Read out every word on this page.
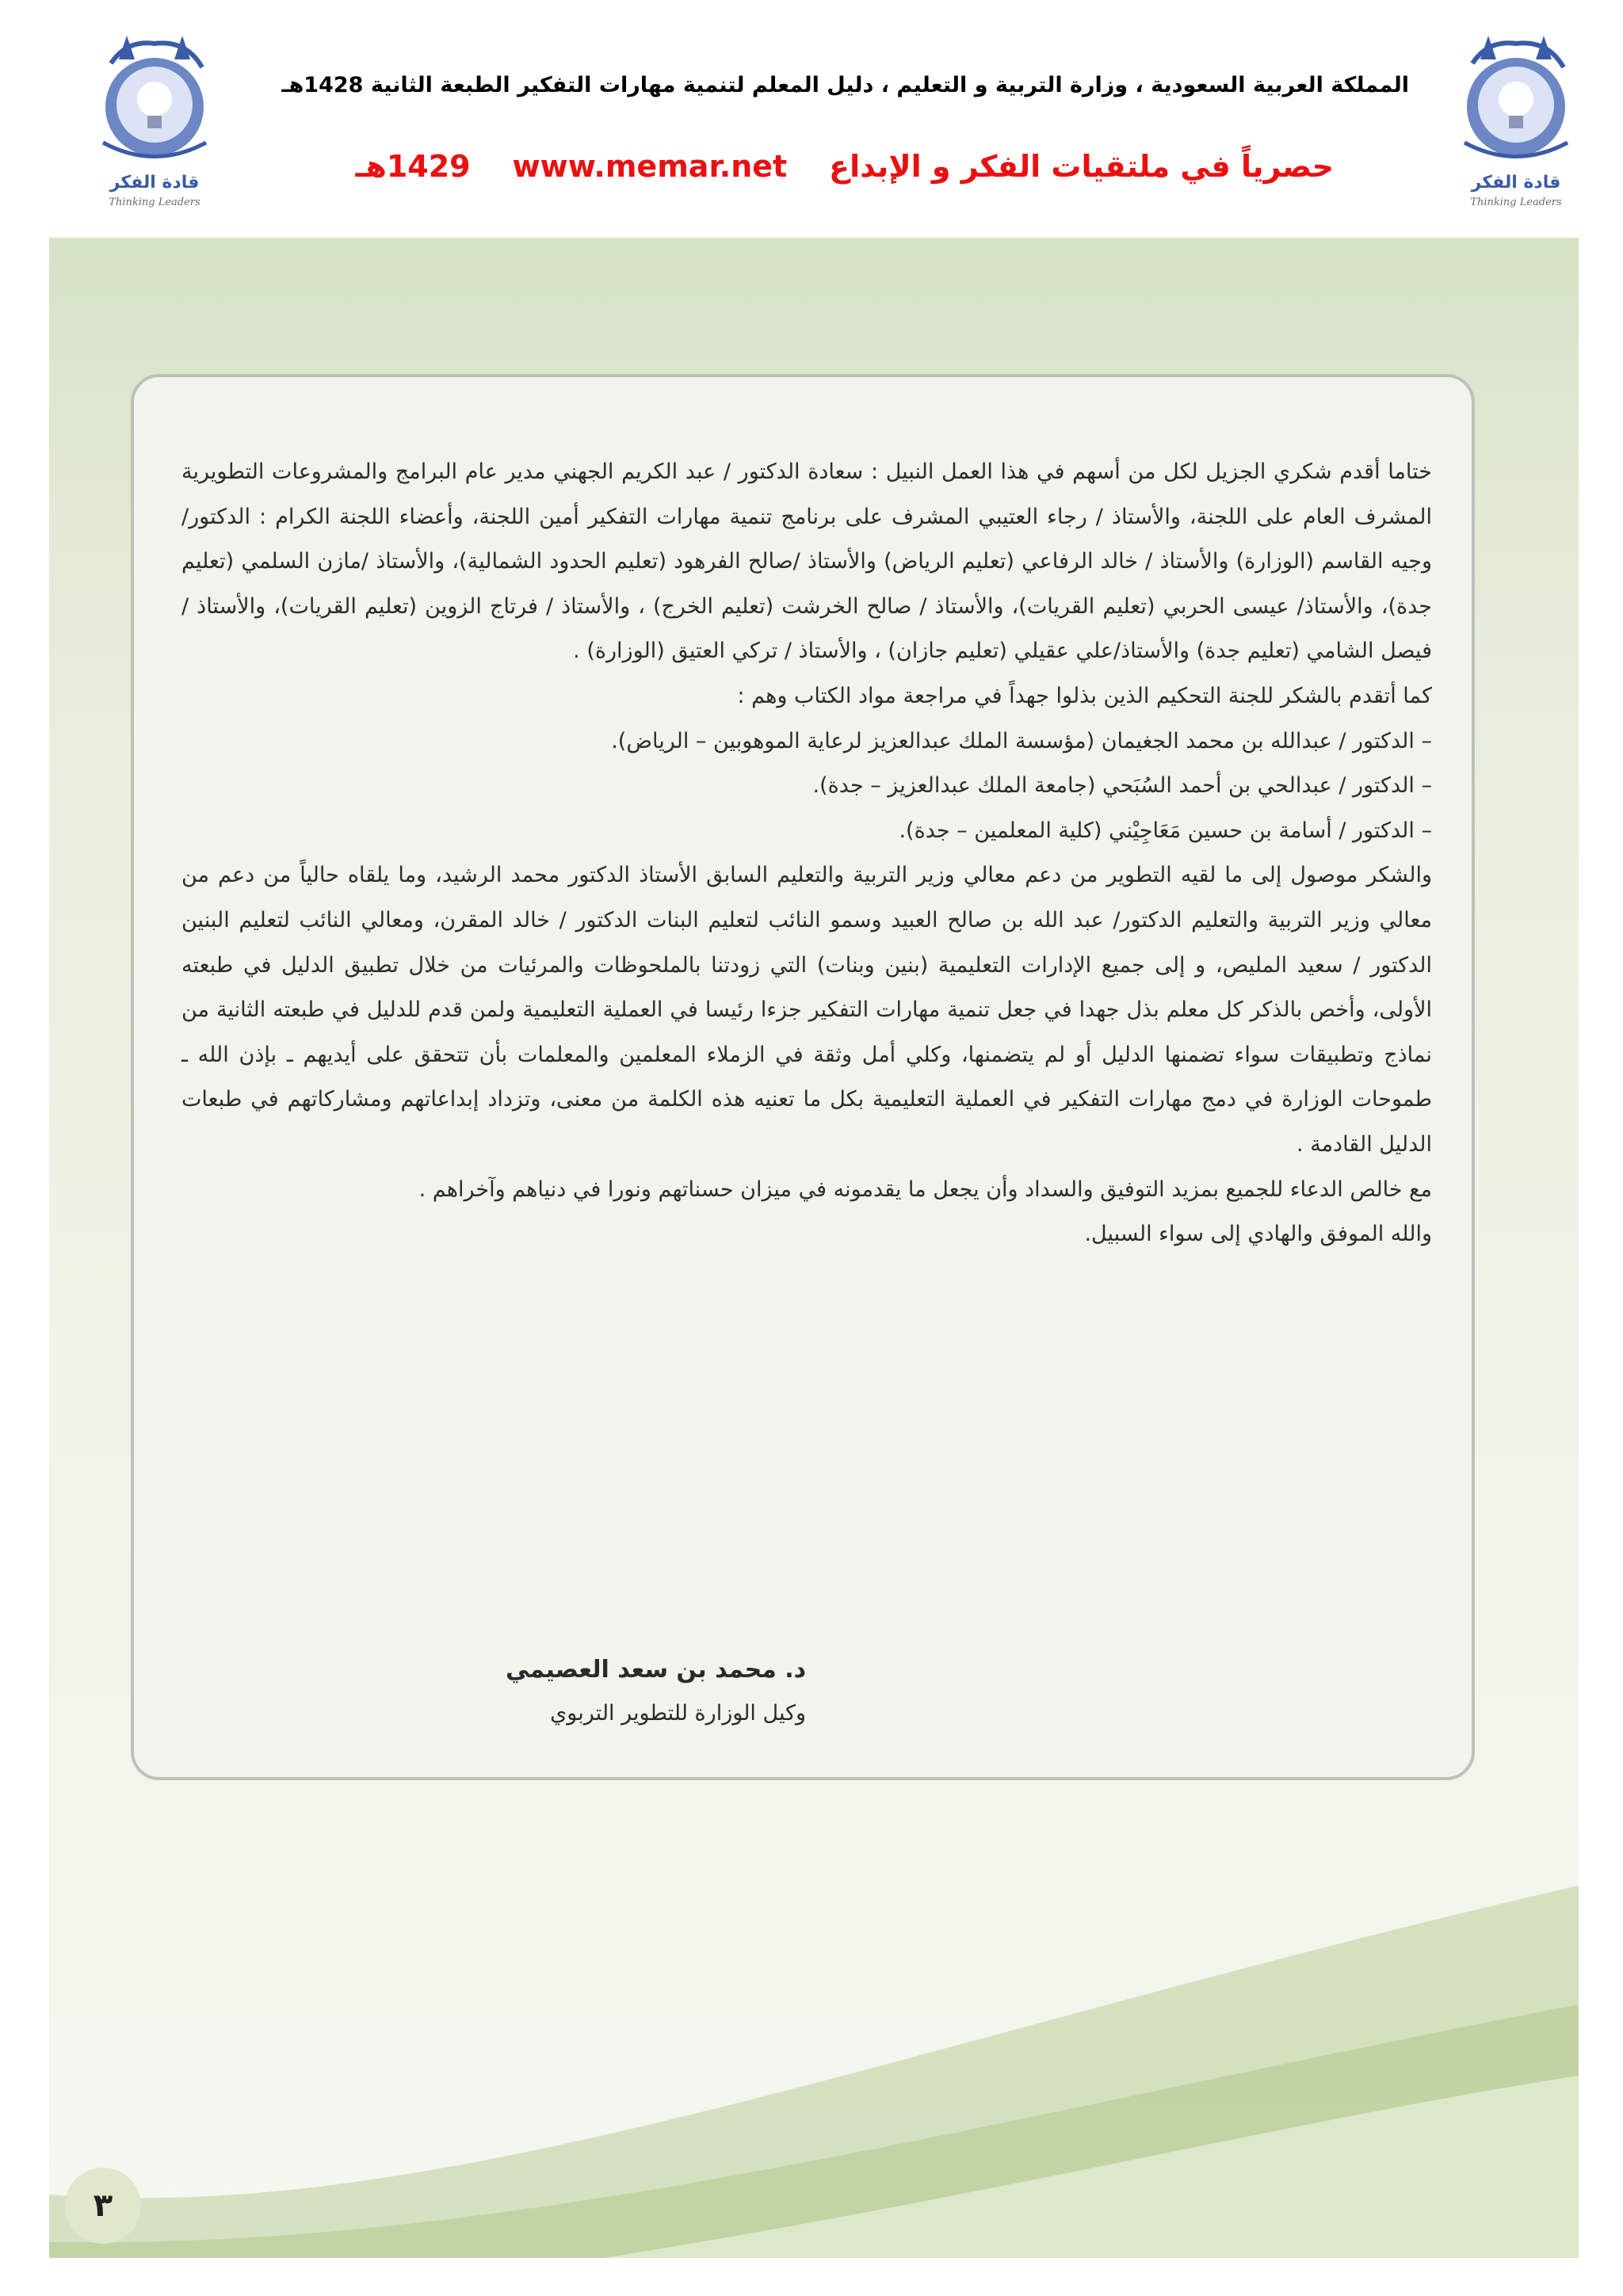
قادة الفكر
Thinking Leaders
قادة الفكر
Thinking Leaders
المملكة العربية السعودية ، وزارة التربية و التعليم ، دليل المعلم لتنمية مهارات التفكير الطبعة الثانية 1428هـ
حصرياً في ملتقيات الفكر و الإبداع    www.memar.net    1429هـ

ختاما أقدم شكري الجزيل لكل من أسهم في هذا العمل النبيل : سعادة الدكتور / عبد الكريم الجهني مدير عام البرامج والمشروعات التطويرية المشرف العام على اللجنة، والأستاذ / رجاء العتيبي المشرف على برنامج تنمية مهارات التفكير أمين اللجنة، وأعضاء اللجنة الكرام : الدكتور/ وجيه القاسم (الوزارة) والأستاذ / خالد الرفاعي (تعليم الرياض) والأستاذ /صالح الفرهود (تعليم الحدود الشمالية)، والأستاذ /مازن السلمي (تعليم جدة)، والأستاذ/ عيسى الحربي (تعليم القريات)، والأستاذ / صالح الخرشت (تعليم الخرج) ، والأستاذ / فرتاج الزوين (تعليم القريات)، والأستاذ / فيصل الشامي (تعليم جدة) والأستاذ/علي عقيلي (تعليم جازان) ، والأستاذ / تركي العتيق (الوزارة) .

كما أتقدم بالشكر للجنة التحكيم الذين بذلوا جهداً في مراجعة مواد الكتاب وهم :

– الدكتور / عبدالله بن محمد الجغيمان (مؤسسة الملك عبدالعزيز لرعاية الموهوبين – الرياض).

– الدكتور / عبدالحي بن أحمد السُبَحي (جامعة الملك عبدالعزيز – جدة).

– الدكتور / أسامة بن حسين مَعَاجِيْني (كلية المعلمين – جدة).

والشكر موصول إلى ما لقيه التطوير من دعم معالي وزير التربية والتعليم السابق الأستاذ الدكتور محمد الرشيد، وما يلقاه حالياً من دعم من معالي وزير التربية والتعليم الدكتور/ عبد الله بن صالح العبيد وسمو النائب لتعليم البنات الدكتور / خالد المقرن، ومعالي النائب لتعليم البنين الدكتور / سعيد المليص، و إلى جميع الإدارات التعليمية (بنين وبنات) التي زودتنا بالملحوظات والمرئيات من خلال تطبيق الدليل في طبعته الأولى، وأخص بالذكر كل معلم بذل جهدا في جعل تنمية مهارات التفكير جزءا رئيسا في العملية التعليمية ولمن قدم للدليل في طبعته الثانية من نماذج وتطبيقات سواء تضمنها الدليل أو لم يتضمنها، وكلي أمل وثقة في الزملاء المعلمين والمعلمات بأن تتحقق على أيديهم ـ بإذن الله ـ طموحات الوزارة في دمج مهارات التفكير في العملية التعليمية بكل ما تعنيه هذه الكلمة من معنى، وتزداد إبداعاتهم ومشاركاتهم في طبعات الدليل القادمة .

مع خالص الدعاء للجميع بمزيد التوفيق والسداد وأن يجعل ما يقدمونه في ميزان حسناتهم ونورا في دنياهم وآخراهم .

والله الموفق والهادي إلى سواء السبيل.

د. محمد بن سعد العصيمي
وكيل الوزارة للتطوير التربوي
٣
